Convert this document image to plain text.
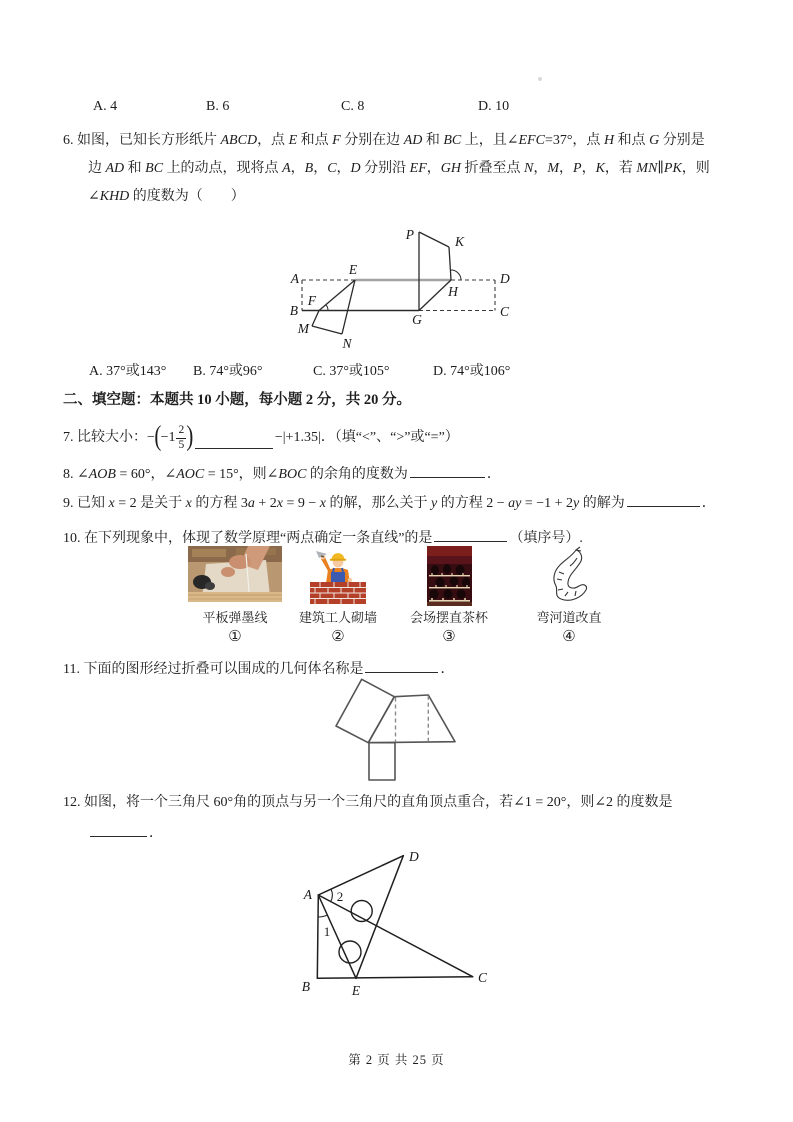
A. 4	B. 6	C. 8	D. 10
6. 如图，已知长方形纸片 ABCD，点 E 和点 F 分别在边 AD 和 BC 上，且∠EFC=37°，点 H 和点 G 分别是
边 AD 和 BC 上的动点，现将点 A，B，C，D 分别沿 EF，GH 折叠至点 N，M，P，K，若 MN∥PK，则
∠KHD 的度数为（　　）
P	K
A
E
D
F
H
B
M
G
C
N
A. 37°或143° B. 74°或96°	C. 37°或105°	D. 74°或106°
二、填空题：本题共 10 小题，每小题 2 分，共 20 分。
7. 比较大小： − ( $-1 \frac{2}{5}$ )	−|+1.35| ．（填“<”、“>”或“=”）
8. ∠AOB = 60°，∠AOC = 15°，则∠BOC 的余角的度数为	．
9. 已知 x = 2 是关于 x 的方程 3a + 2x = 9 − x 的解，那么关于 y 的方程 2 − ay = −1 + 2y 的解为	．
10. 在下列现象中，体现了数学原理“两点确定一条直线”的是	（填序号）.
平板弹墨线
①
建筑工人砌墙
②
会场摆直茶杯
③
弯河道改直
④
11. 下面的图形经过折叠可以围成的几何体名称是	．
12. 如图，将一个三角尺 60°角的顶点与另一个三角尺的直角顶点重合，若∠1 = 20°，则∠2 的度数是
．
A
D
B	E
C
2
1
第 2 页 共 25 页
